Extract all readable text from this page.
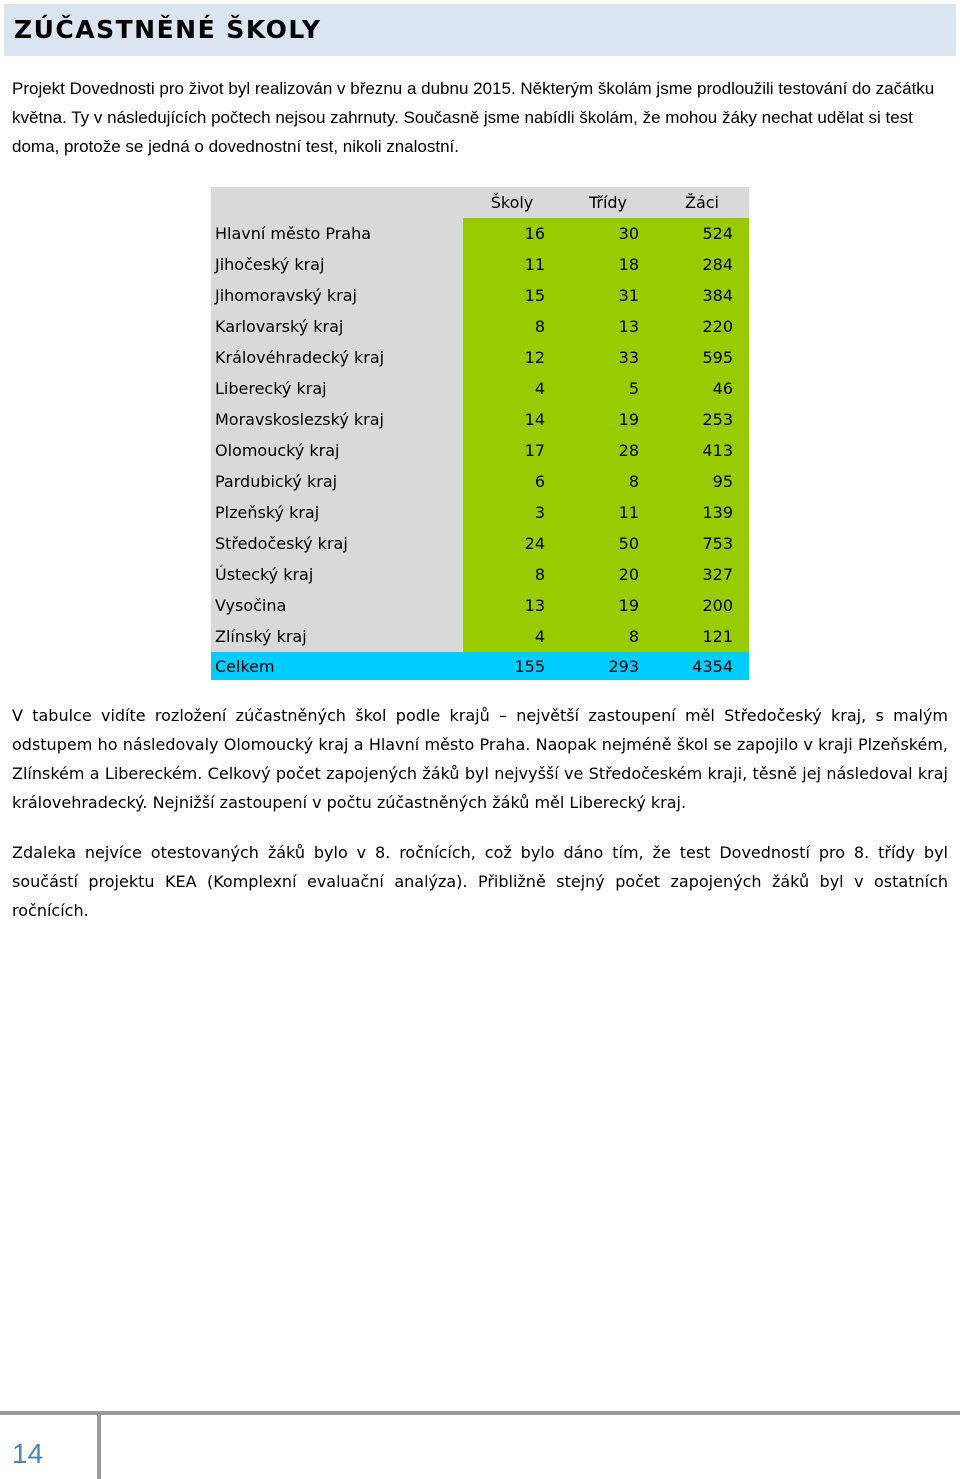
ZÚČASTNĚNÉ ŠKOLY

Projekt Dovednosti pro život byl realizován v březnu a dubnu 2015. Některým školám jsme prodloužili testování do začátku května. Ty v následujících počtech nejsou zahrnuty. Současně jsme nabídli školám, že mohou žáky nechat udělat si test doma, protože se jedná o dovednostní test, nikoli znalostní.

	Školy	Třídy	Žáci
Hlavní město Praha	16	30	524
Jihočeský kraj	11	18	284
Jihomoravský kraj	15	31	384
Karlovarský kraj	8	13	220
Královéhradecký kraj	12	33	595
Liberecký kraj	4	5	46
Moravskoslezský kraj	14	19	253
Olomoucký kraj	17	28	413
Pardubický kraj	6	8	95
Plzeňský kraj	3	11	139
Středočeský kraj	24	50	753
Ústecký kraj	8	20	327
Vysočina	13	19	200
Zlínský kraj	4	8	121
Celkem	155	293	4354

V tabulce vidíte rozložení zúčastněných škol podle krajů – největší zastoupení měl Středočeský kraj, s malým odstupem ho následovaly Olomoucký kraj a Hlavní město Praha. Naopak nejméně škol se zapojilo v kraji Plzeňském, Zlínském a Libereckém. Celkový počet zapojených žáků byl nejvyšší ve Středočeském kraji, těsně jej následoval kraj královehradecký. Nejnižší zastoupení v počtu zúčastněných žáků měl Liberecký kraj.

Zdaleka nejvíce otestovaných žáků bylo v 8. ročnících, což bylo dáno tím, že test Dovedností pro 8. třídy byl součástí projektu KEA (Komplexní evaluační analýza). Přibližně stejný počet zapojených žáků byl v ostatních ročnících.

14
